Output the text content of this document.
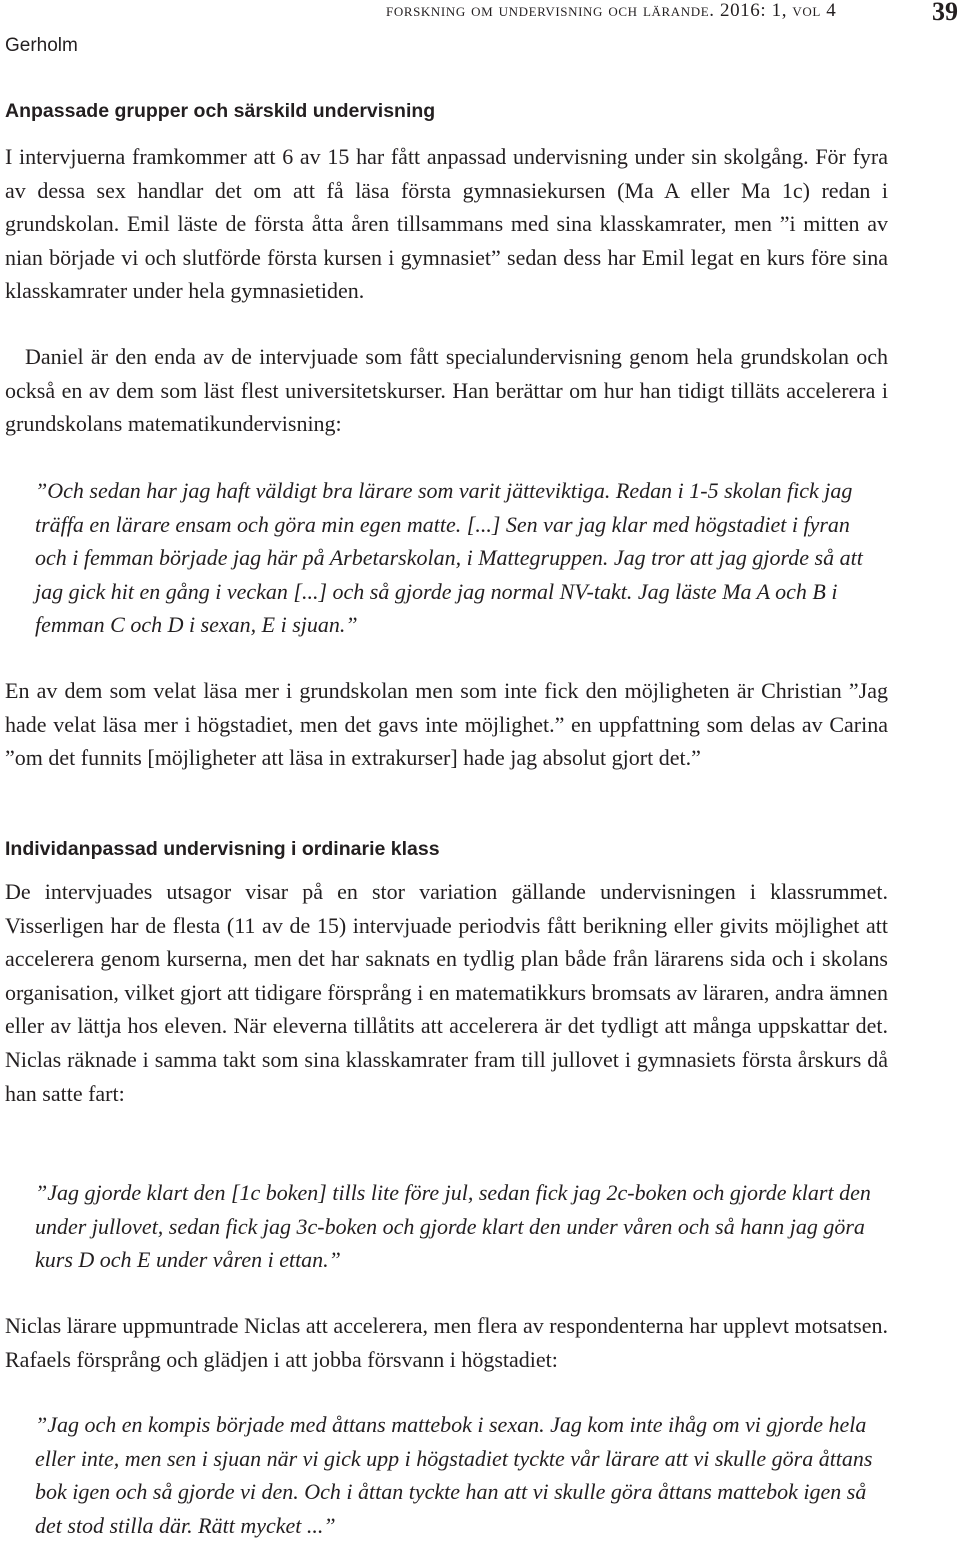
Gerholm
forskning om undervisning och lärande. 2016: 1, vol 4	39
Anpassade grupper och särskild undervisning

I intervjuerna framkommer att 6 av 15 har fått anpassad undervisning under sin skolgång. För fyra av dessa sex handlar det om att få läsa första gymnasiekursen (Ma A eller Ma 1c) redan i grundskolan. Emil läste de första åtta åren tillsammans med sina klasskamrater, men ”i mitten av nian började vi och slutförde första kursen i gymnasiet” sedan dess har Emil legat en kurs före sina klasskamrater under hela gymnasietiden.

Daniel är den enda av de intervjuade som fått specialundervisning genom hela grundskolan och också en av dem som läst flest universitetskurser. Han berättar om hur han tidigt tilläts accelerera i grundskolans matematikundervisning:

”Och sedan har jag haft väldigt bra lärare som varit jätteviktiga. Redan i 1-5 skolan fick jag träffa en lärare ensam och göra min egen matte. [...] Sen var jag klar med högstadiet i fyran och i femman började jag här på Arbetarskolan, i Mattegruppen. Jag tror att jag gjorde så att jag gick hit en gång i veckan [...] och så gjorde jag normal NV-takt. Jag läste Ma A och B i femman C och D i sexan, E i sjuan.”

En av dem som velat läsa mer i grundskolan men som inte fick den möjligheten är Christian ”Jag hade velat läsa mer i högstadiet, men det gavs inte möjlighet.” en uppfattning som delas av Carina ”om det funnits [möjligheter att läsa in extrakurser] hade jag absolut gjort det.”

Individanpassad undervisning i ordinarie klass

De intervjuades utsagor visar på en stor variation gällande undervisningen i klassrummet. Visserligen har de flesta (11 av de 15) intervjuade periodvis fått berikning eller givits möjlighet att accelerera genom kurserna, men det har saknats en tydlig plan både från lärarens sida och i skolans organisation, vilket gjort att tidigare försprång i en matematikkurs bromsats av läraren, andra ämnen eller av lättja hos eleven. När eleverna tillåtits att accelerera är det tydligt att många uppskattar det. Niclas räknade i samma takt som sina klasskamrater fram till jullovet i gymnasiets första årskurs då han satte fart:

”Jag gjorde klart den [1c boken] tills lite före jul, sedan fick jag 2c-boken och gjorde klart den under jullovet, sedan fick jag 3c-boken och gjorde klart den under våren och så hann jag göra kurs D och E under våren i ettan.”

Niclas lärare uppmuntrade Niclas att accelerera, men flera av respondenterna har upplevt motsatsen. Rafaels försprång och glädjen i att jobba försvann i högstadiet:

”Jag och en kompis började med åttans mattebok i sexan. Jag kom inte ihåg om vi gjorde hela eller inte, men sen i sjuan när vi gick upp i högstadiet tyckte vår lärare att vi skulle göra åttans bok igen och så gjorde vi den. Och i åttan tyckte han att vi skulle göra åttans mattebok igen så det stod stilla där. Rätt mycket ...”
